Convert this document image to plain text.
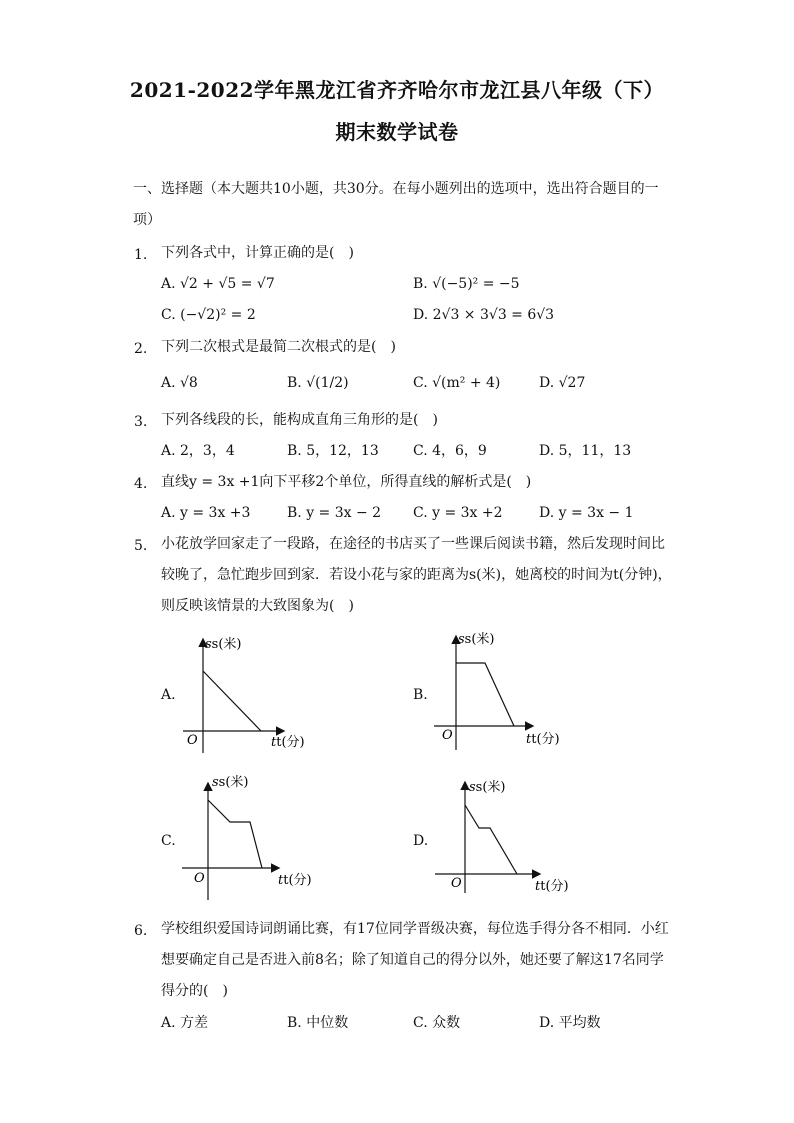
2021-2022学年黑龙江省齐齐哈尔市龙江县八年级（下）
期末数学试卷
一、选择题（本大题共10小题，共30分。在每小题列出的选项中，选出符合题目的一
项）
1. 下列各式中，计算正确的是(　)
A. √2 + √5 = √7	B. √(−5)² = −5
C. (−√2)² = 2	D. 2√3 × 3√3 = 6√3
2. 下列二次根式是最简二次根式的是(　)
A. √8	B. √(1/2)	C. √(m² + 4)	D. √27
3. 下列各线段的长，能构成直角三角形的是(　)
A. 2，3，4	B. 5，12，13 C. 4，6，9	D. 5，11，13
4. 直线y = 3x +1向下平移2个单位，所得直线的解析式是(　)
A. y = 3x +3	B. y = 3x − 2 C. y = 3x +2	D. y = 3x − 1
5. 小花放学回家走了一段路，在途径的书店买了一些课后阅读书籍，然后发现时间比
较晚了，急忙跑步回到家．若设小花与家的距离为s(米)，她离校的时间为t(分钟)，
则反映该情景的大致图象为(　)
A.	B.
C.	D.
ss(米)
tt(分)
O
ss(米)
tt(分)
O
ss(米)
tt(分)
O
ss(米)
tt(分)
O
6. 学校组织爱国诗词朗诵比赛，有17位同学晋级决赛，每位选手得分各不相同．小红
想要确定自己是否进入前8名；除了知道自己的得分以外，她还要了解这17名同学
得分的(　)
A. 方差	B. 中位数	C. 众数	D. 平均数
